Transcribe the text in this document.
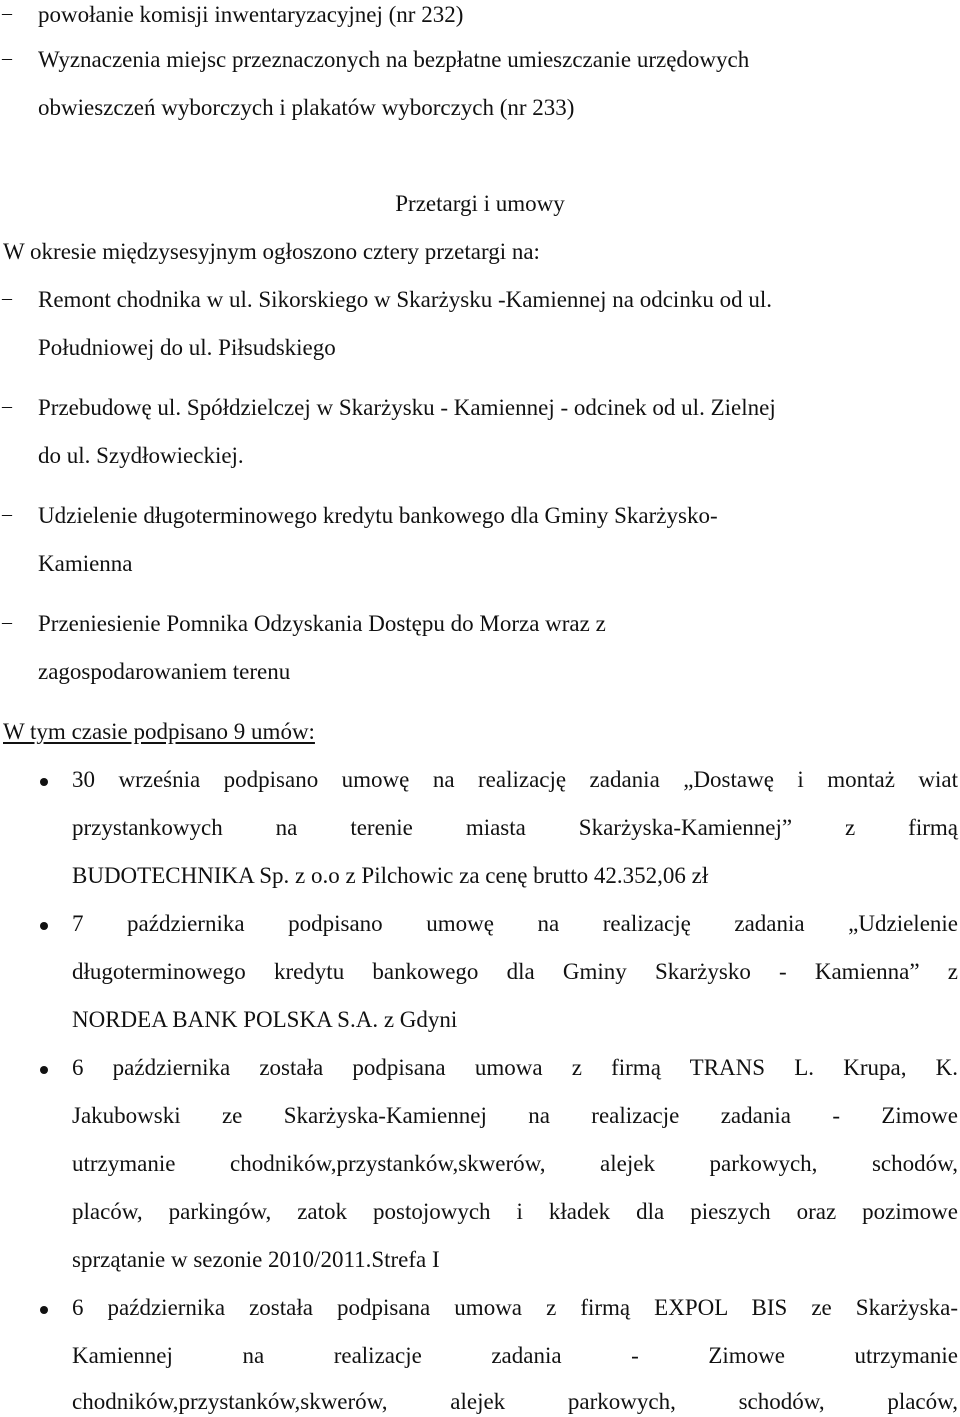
– powołanie komisji inwentaryzacyjnej (nr 232)
– Wyznaczenia miejsc przeznaczonych na bezpłatne umieszczanie urzędowych
obwieszczeń wyborczych i plakatów wyborczych (nr 233)
Przetargi i umowy
W okresie międzysesyjnym ogłoszono cztery przetargi na:
– Remont chodnika w ul. Sikorskiego w Skarżysku -Kamiennej na odcinku od ul.
Południowej do ul. Piłsudskiego
– Przebudowę ul. Spółdzielczej w Skarżysku - Kamiennej - odcinek od ul. Zielnej
do ul. Szydłowieckiej.
– Udzielenie długoterminowego kredytu bankowego dla Gminy Skarżysko-
Kamienna
– Przeniesienie Pomnika Odzyskania Dostępu do Morza wraz z
zagospodarowaniem terenu
W tym czasie podpisano 9 umów:
30 września podpisano umowę na realizację zadania „Dostawę i montaż wiat
przystankowych na terenie miasta Skarżyska-Kamiennej” z firmą
BUDOTECHNIKA Sp. z o.o z Pilchowic za cenę brutto 42.352,06 zł
7 października podpisano umowę na realizację zadania „Udzielenie
długoterminowego kredytu bankowego dla Gminy Skarżysko - Kamienna” z
NORDEA BANK POLSKA S.A. z Gdyni
6 października została podpisana umowa z firmą TRANS L. Krupa, K.
Jakubowski ze Skarżyska-Kamiennej na realizacje zadania - Zimowe
utrzymanie chodników,przystanków,skwerów, alejek parkowych, schodów,
placów, parkingów, zatok postojowych i kładek dla pieszych oraz pozimowe
sprzątanie w sezonie 2010/2011.Strefa I
6 października została podpisana umowa z firmą EXPOL BIS ze Skarżyska-
Kamiennej na realizacje zadania - Zimowe utrzymanie
chodników,przystanków,skwerów, alejek parkowych, schodów, placów,
